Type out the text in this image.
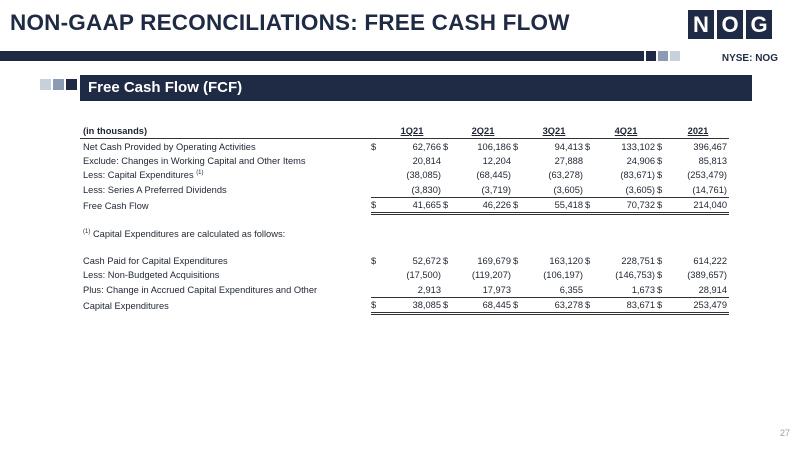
NON-GAAP RECONCILIATIONS: FREE CASH FLOW	N O G
NYSE: NOG
Free Cash Flow (FCF)
(in thousands)		1Q21		2Q21		3Q21		4Q21		2021
Net Cash Provided by Operating Activities	$	62,766	$	106,186	$	94,413	$	133,102	$	396,467
Exclude: Changes in Working Capital and Other Items		20,814		12,204		27,888		24,906	$	85,813
Less: Capital Expenditures $^{(1)}$		(38,085)		(68,445)		(63,278)		(83,671)	$	(253,479)
Less: Series A Preferred Dividends		(3,830)		(3,719)		(3,605)		(3,605)	$	(14,761)
Free Cash Flow	$	41,665	$	46,226	$	55,418	$	70,732	$	214,040

$^{(1)}$ Capital Expenditures are calculated as follows:										

Cash Paid for Capital Expenditures	$	52,672	$	169,679	$	163,120	$	228,751	$	614,222
Less: Non-Budgeted Acquisitions		(17,500)		(119,207)		(106,197)		(146,753)	$	(389,657)
Plus: Change in Accrued Capital Expenditures and Other		2,913		17,973		6,355		1,673	$	28,914
Capital Expenditures	$	38,085	$	68,445	$	63,278	$	83,671	$	253,479
27
